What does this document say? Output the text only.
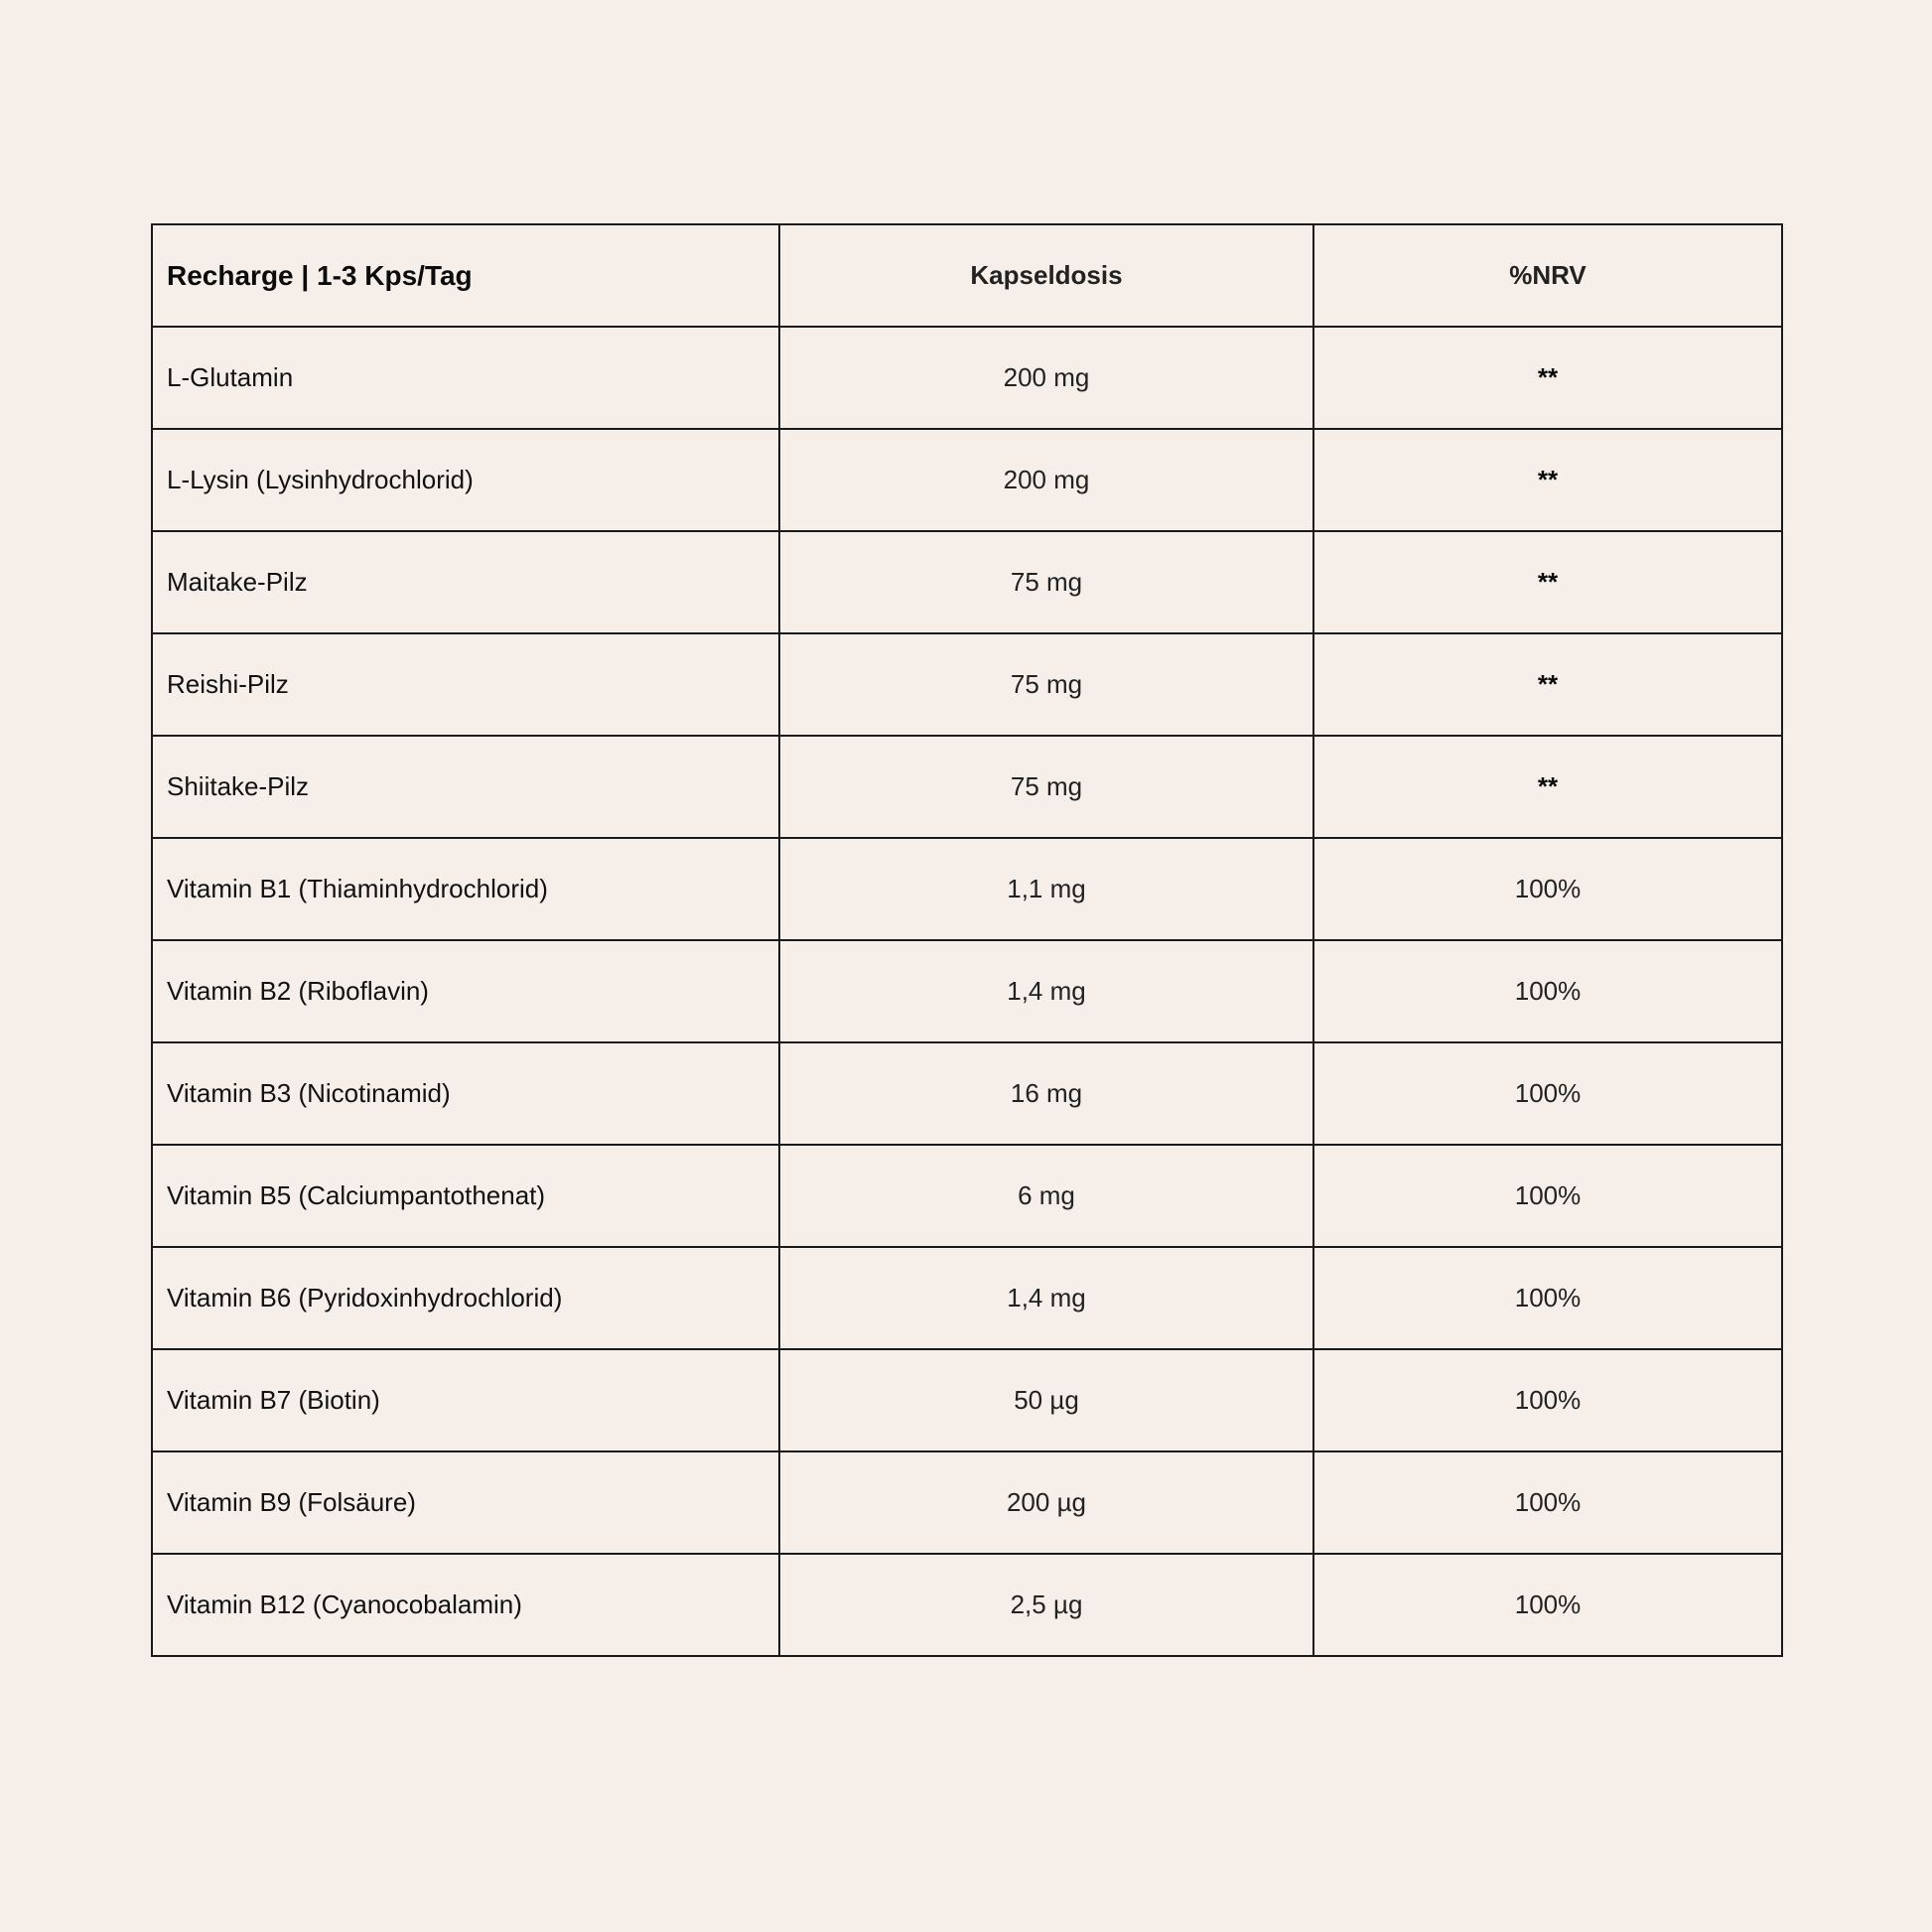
Recharge | 1-3 Kps/Tag	Kapseldosis	%NRV
L-Glutamin	200 mg	**
L-Lysin (Lysinhydrochlorid)	200 mg	**
Maitake-Pilz	75 mg	**
Reishi-Pilz	75 mg	**
Shiitake-Pilz	75 mg	**
Vitamin B1 (Thiaminhydrochlorid)	1,1 mg	100%
Vitamin B2 (Riboflavin)	1,4 mg	100%
Vitamin B3 (Nicotinamid)	16 mg	100%
Vitamin B5 (Calciumpantothenat)	6 mg	100%
Vitamin B6 (Pyridoxinhydrochlorid)	1,4 mg	100%
Vitamin B7 (Biotin)	50 µg	100%
Vitamin B9 (Folsäure)	200 µg	100%
Vitamin B12 (Cyanocobalamin)	2,5 µg	100%
